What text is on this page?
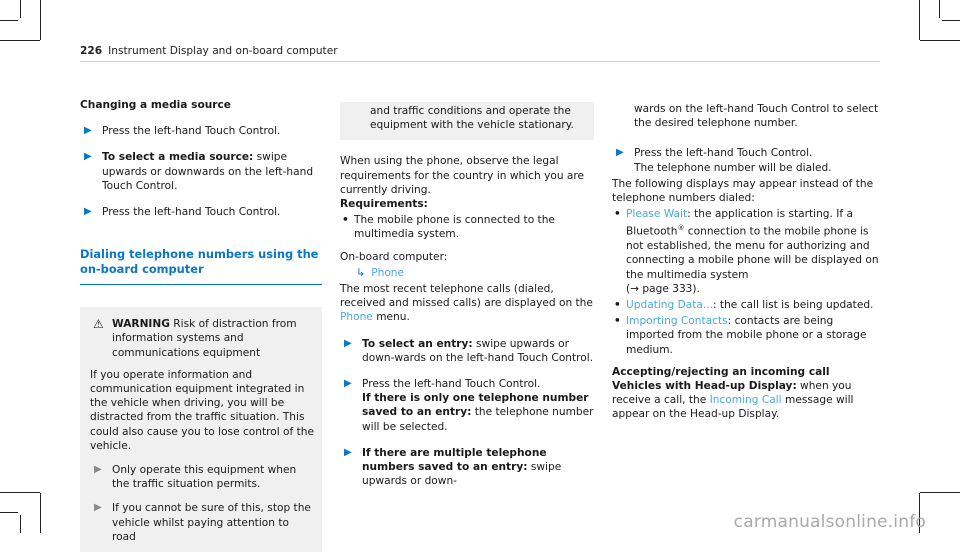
226 Instrument Display and on-board computer
Changing a media source
▶ Press the left-hand Touch Control.
▶ To select a media source: swipe upwards or downwards on the left-hand Touch Control.
▶ Press the left-hand Touch Control.
Dialing telephone numbers using the on-board computer
⚠ WARNING Risk of distraction from information systems and communications equipment

If you operate information and communication equipment integrated in the vehicle when driving, you will be distracted from the traffic situation. This could also cause you to lose control of the vehicle.

▶ Only operate this equipment when the traffic situation permits.
▶ If you cannot be sure of this, stop the vehicle whilst paying attention to road
and traffic conditions and operate the equipment with the vehicle stationary.

When using the phone, observe the legal requirements for the country in which you are currently driving.

Requirements:

• The mobile phone is connected to the multimedia system.

On-board computer:

↳ Phone

The most recent telephone calls (dialed, received and missed calls) are displayed on the Phone menu.

▶ To select an entry: swipe upwards or down-wards on the left-hand Touch Control.
▶ Press the left-hand Touch Control.
If there is only one telephone number saved to an entry: the telephone number will be selected.
▶ If there are multiple telephone numbers saved to an entry: swipe upwards or down-
wards on the left-hand Touch Control to select the desired telephone number.
▶ Press the left-hand Touch Control.
The telephone number will be dialed.

The following displays may appear instead of the telephone numbers dialed:

• Please Wait: the application is starting. If a Bluetooth® connection to the mobile phone is not established, the menu for authorizing and connecting a mobile phone will be displayed on the multimedia system
(→ page 333).
• Updating Data...: the call list is being updated.
• Importing Contacts: contacts are being imported from the mobile phone or a storage medium.

Accepting/rejecting an incoming call

Vehicles with Head-up Display: when you receive a call, the Incoming Call message will appear on the Head-up Display.

carmanualsonline.info
